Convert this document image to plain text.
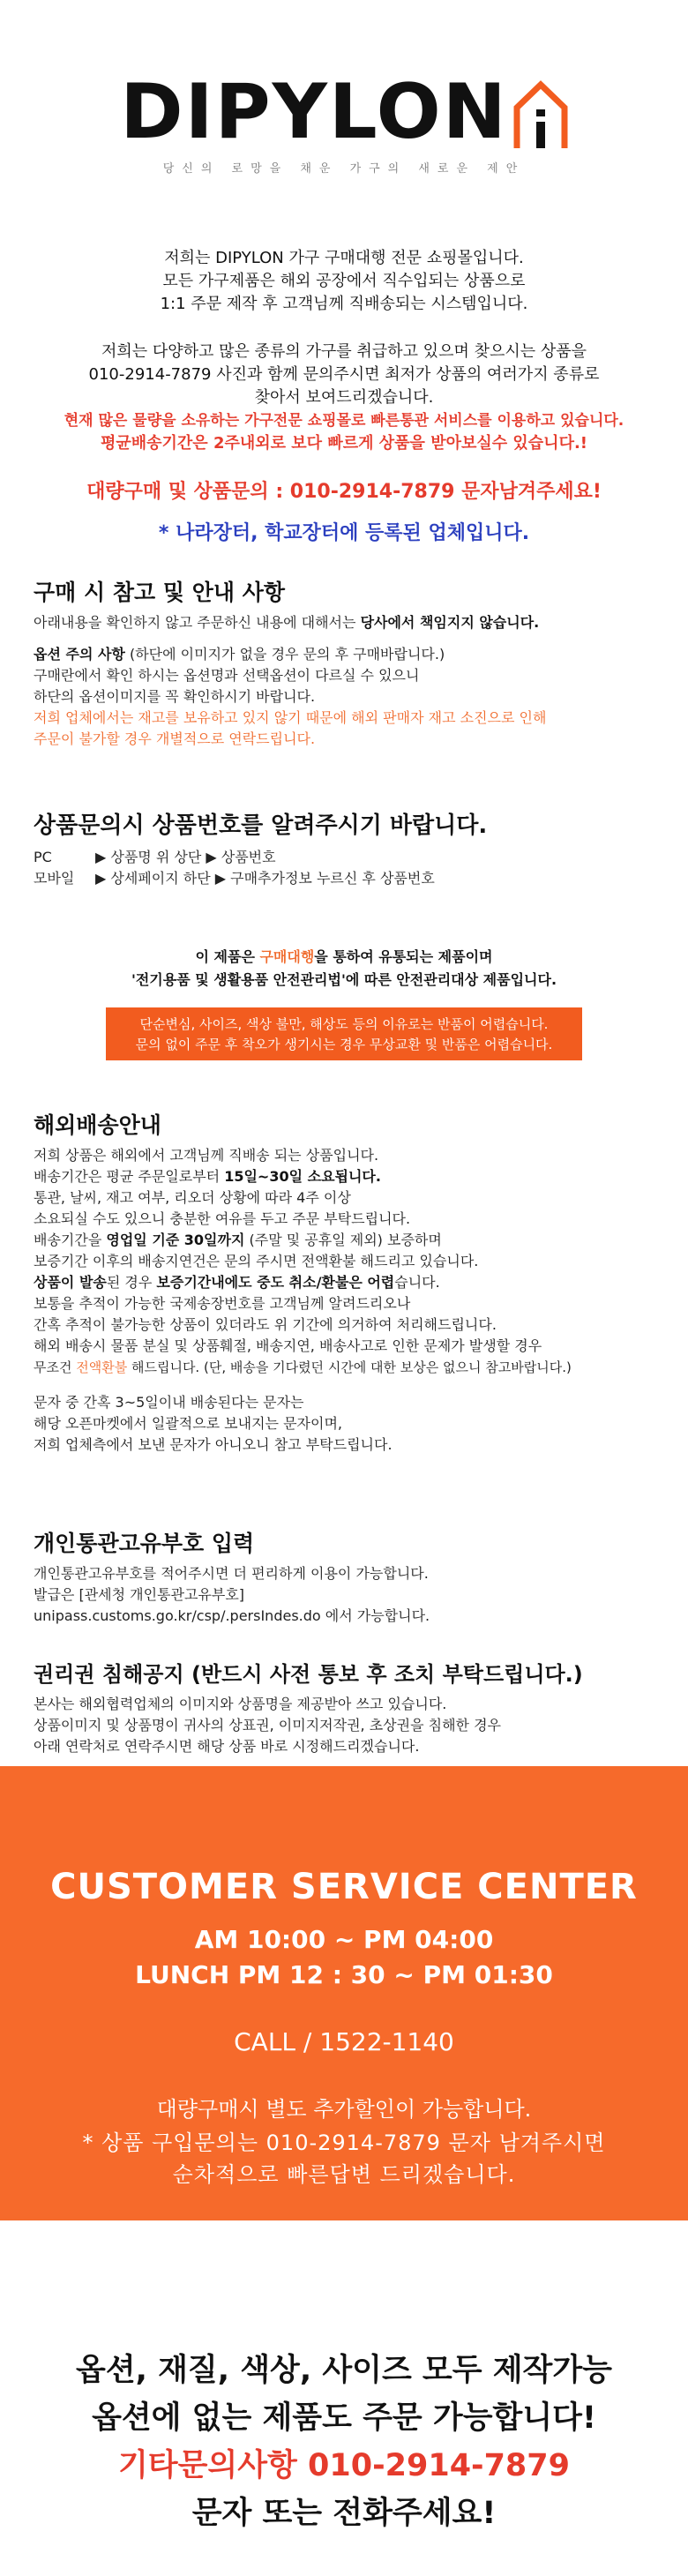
DIPYLON
당신의 로망을 채운 가구의 새로운 제안
저희는 DIPYLON 가구 구매대행 전문 쇼핑몰입니다.
모든 가구제품은 해외 공장에서 직수입되는 상품으로
1:1 주문 제작 후 고객님께 직배송되는 시스템입니다.
저희는 다양하고 많은 종류의 가구를 취급하고 있으며 찾으시는 상품을
010-2914-7879 사진과 함께 문의주시면 최저가 상품의 여러가지 종류로
찾아서 보여드리겠습니다.
현재 많은 물량을 소유하는 가구전문 쇼핑몰로 빠른통관 서비스를 이용하고 있습니다.
평균배송기간은 2주내외로 보다 빠르게 상품을 받아보실수 있습니다.!
대량구매 및 상품문의 : 010-2914-7879 문자남겨주세요!
* 나라장터, 학교장터에 등록된 업체입니다.
구매 시 참고 및 안내 사항
아래내용을 확인하지 않고 주문하신 내용에 대해서는 당사에서 책임지지 않습니다.
옵션 주의 사항 (하단에 이미지가 없을 경우 문의 후 구매바랍니다.)
구매란에서 확인 하시는 옵션명과 선택옵션이 다르실 수 있으니
하단의 옵션이미지를 꼭 확인하시기 바랍니다.
저희 업체에서는 재고를 보유하고 있지 않기 때문에 해외 판매자 재고 소진으로 인해
주문이 불가할 경우 개별적으로 연락드립니다.
상품문의시 상품번호를 알려주시기 바랍니다.
PC	▶ 상품명 위 상단 ▶ 상품번호
모바일 ▶ 상세페이지 하단 ▶ 구매추가정보 누르신 후 상품번호
이 제품은 구매대행을 통하여 유통되는 제품이며
'전기용품 및 생활용품 안전관리법'에 따른 안전관리대상 제품입니다.
단순변심, 사이즈, 색상 불만, 해상도 등의 이유로는 반품이 어렵습니다.
문의 없이 주문 후 착오가 생기시는 경우 무상교환 및 반품은 어렵습니다.
해외배송안내
저희 상품은 해외에서 고객님께 직배송 되는 상품입니다.
배송기간은 평균 주문일로부터 15일~30일 소요됩니다.
통관, 날씨, 재고 여부, 리오더 상황에 따라 4주 이상
소요되실 수도 있으니 충분한 여유를 두고 주문 부탁드립니다.
배송기간을 영업일 기준 30일까지 (주말 및 공휴일 제외) 보증하며
보증기간 이후의 배송지연건은 문의 주시면 전액환불 해드리고 있습니다.
상품이 발송된 경우 보증기간내에도 중도 취소/환불은 어렵습니다.
보통을 추적이 가능한 국제송장번호를 고객님께 알려드리오나
간혹 추적이 불가능한 상품이 있더라도 위 기간에 의거하여 처리해드립니다.
해외 배송시 물품 분실 및 상품훼절, 배송지연, 배송사고로 인한 문제가 발생할 경우
무조건 전액환불 해드립니다. (단, 배송을 기다렸던 시간에 대한 보상은 없으니 참고바랍니다.)
문자 중 간혹 3~5일이내 배송된다는 문자는
해당 오픈마켓에서 일괄적으로 보내지는 문자이며,
저희 업체측에서 보낸 문자가 아니오니 참고 부탁드립니다.
개인통관고유부호 입력
개인통관고유부호를 적어주시면 더 편리하게 이용이 가능합니다.
발급은 [관세청 개인통관고유부호]
unipass.customs.go.kr/csp/.persIndes.do 에서 가능합니다.
권리권 침해공지 (반드시 사전 통보 후 조치 부탁드립니다.)
본사는 해외협력업체의 이미지와 상품명을 제공받아 쓰고 있습니다.
상품이미지 및 상품명이 귀사의 상표권, 이미지저작권, 초상권을 침해한 경우
아래 연락처로 연락주시면 해당 상품 바로 시정해드리겠습니다.
CUSTOMER SERVICE CENTER
AM 10:00 ~ PM 04:00
LUNCH PM 12 : 30 ~ PM 01:30
CALL / 1522-1140
대량구매시 별도 추가할인이 가능합니다.
* 상품 구입문의는 010-2914-7879 문자 남겨주시면
순차적으로 빠른답변 드리겠습니다.
옵션, 재질, 색상, 사이즈 모두 제작가능
옵션에 없는 제품도 주문 가능합니다!
기타문의사항 010-2914-7879
문자 또는 전화주세요!
